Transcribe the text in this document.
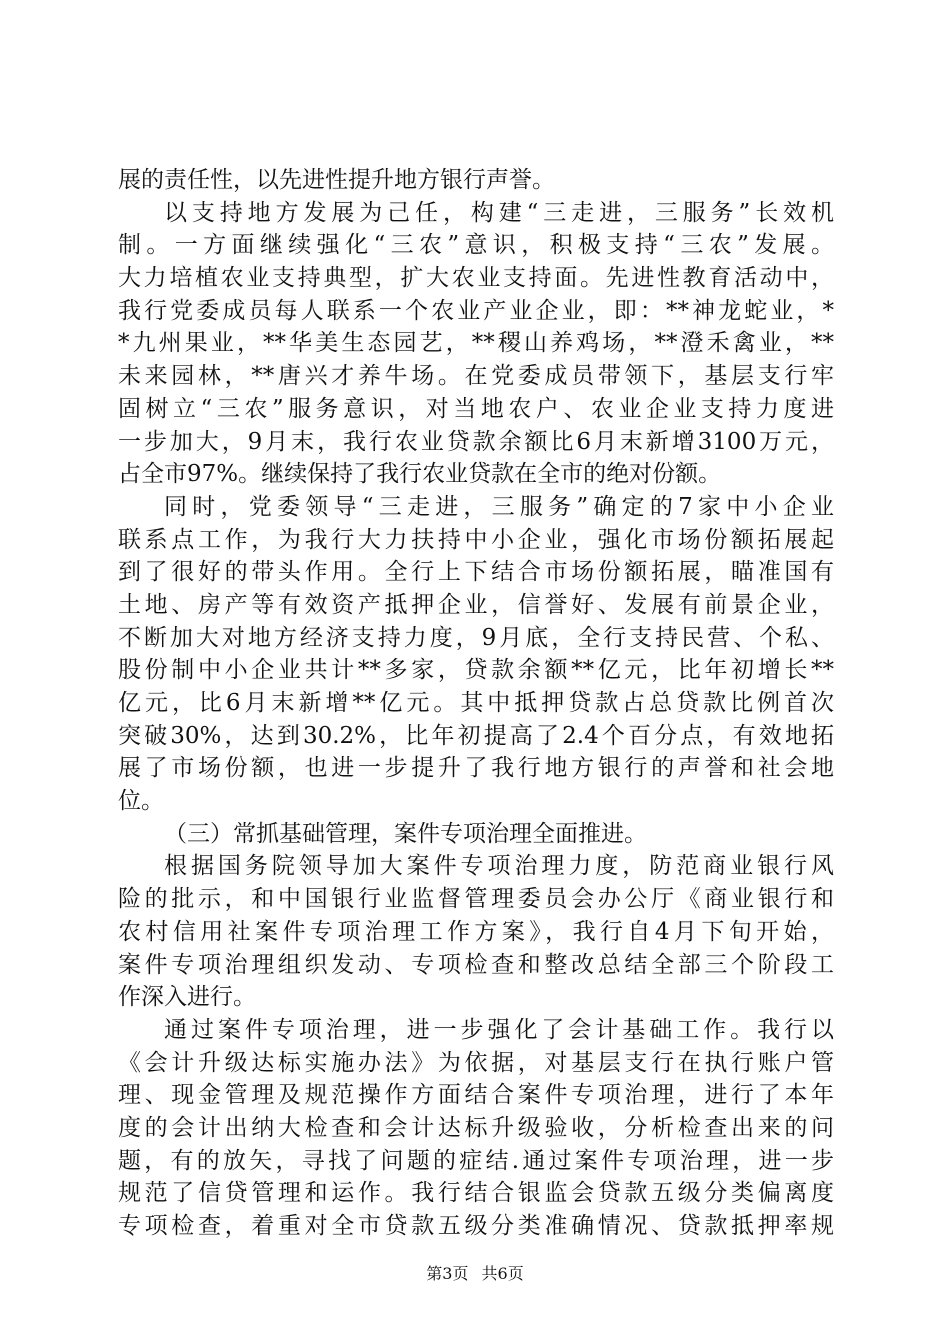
展的责任性，以先进性提升地方银行声誉。
以支持地方发展为己任，构建“三走进，三服务”长效机
制。一方面继续强化“三农”意识，积极支持“三农”发展。
大力培植农业支持典型，扩大农业支持面。先进性教育活动中，
我行党委成员每人联系一个农业产业企业，即：**神龙蛇业，*
*九州果业，**华美生态园艺，**稷山养鸡场，**澄禾禽业，**
未来园林，**唐兴才养牛场。在党委成员带领下，基层支行牢
固树立“三农”服务意识，对当地农户、农业企业支持力度进
一步加大，9月末，我行农业贷款余额比6月末新增3100万元，
占全市97%。继续保持了我行农业贷款在全市的绝对份额。
同时，党委领导“三走进，三服务”确定的7家中小企业
联系点工作，为我行大力扶持中小企业，强化市场份额拓展起
到了很好的带头作用。全行上下结合市场份额拓展，瞄准国有
土地、房产等有效资产抵押企业，信誉好、发展有前景企业，
不断加大对地方经济支持力度，9月底，全行支持民营、个私、
股份制中小企业共计**多家，贷款余额**亿元，比年初增长**
亿元，比6月末新增**亿元。其中抵押贷款占总贷款比例首次
突破30%，达到30.2%，比年初提高了2.4个百分点，有效地拓
展了市场份额，也进一步提升了我行地方银行的声誉和社会地
位。
（三）常抓基础管理，案件专项治理全面推进。
根据国务院领导加大案件专项治理力度，防范商业银行风
险的批示，和中国银行业监督管理委员会办公厅《商业银行和
农村信用社案件专项治理工作方案》，我行自4月下旬开始，
案件专项治理组织发动、专项检查和整改总结全部三个阶段工
作深入进行。
通过案件专项治理，进一步强化了会计基础工作。我行以
《会计升级达标实施办法》为依据，对基层支行在执行账户管
理、现金管理及规范操作方面结合案件专项治理，进行了本年
度的会计出纳大检查和会计达标升级验收，分析检查出来的问
题，有的放矢，寻找了问题的症结.通过案件专项治理，进一步
规范了信贷管理和运作。我行结合银监会贷款五级分类偏离度
专项检查，着重对全市贷款五级分类准确情况、贷款抵押率规
第3页 共6页
